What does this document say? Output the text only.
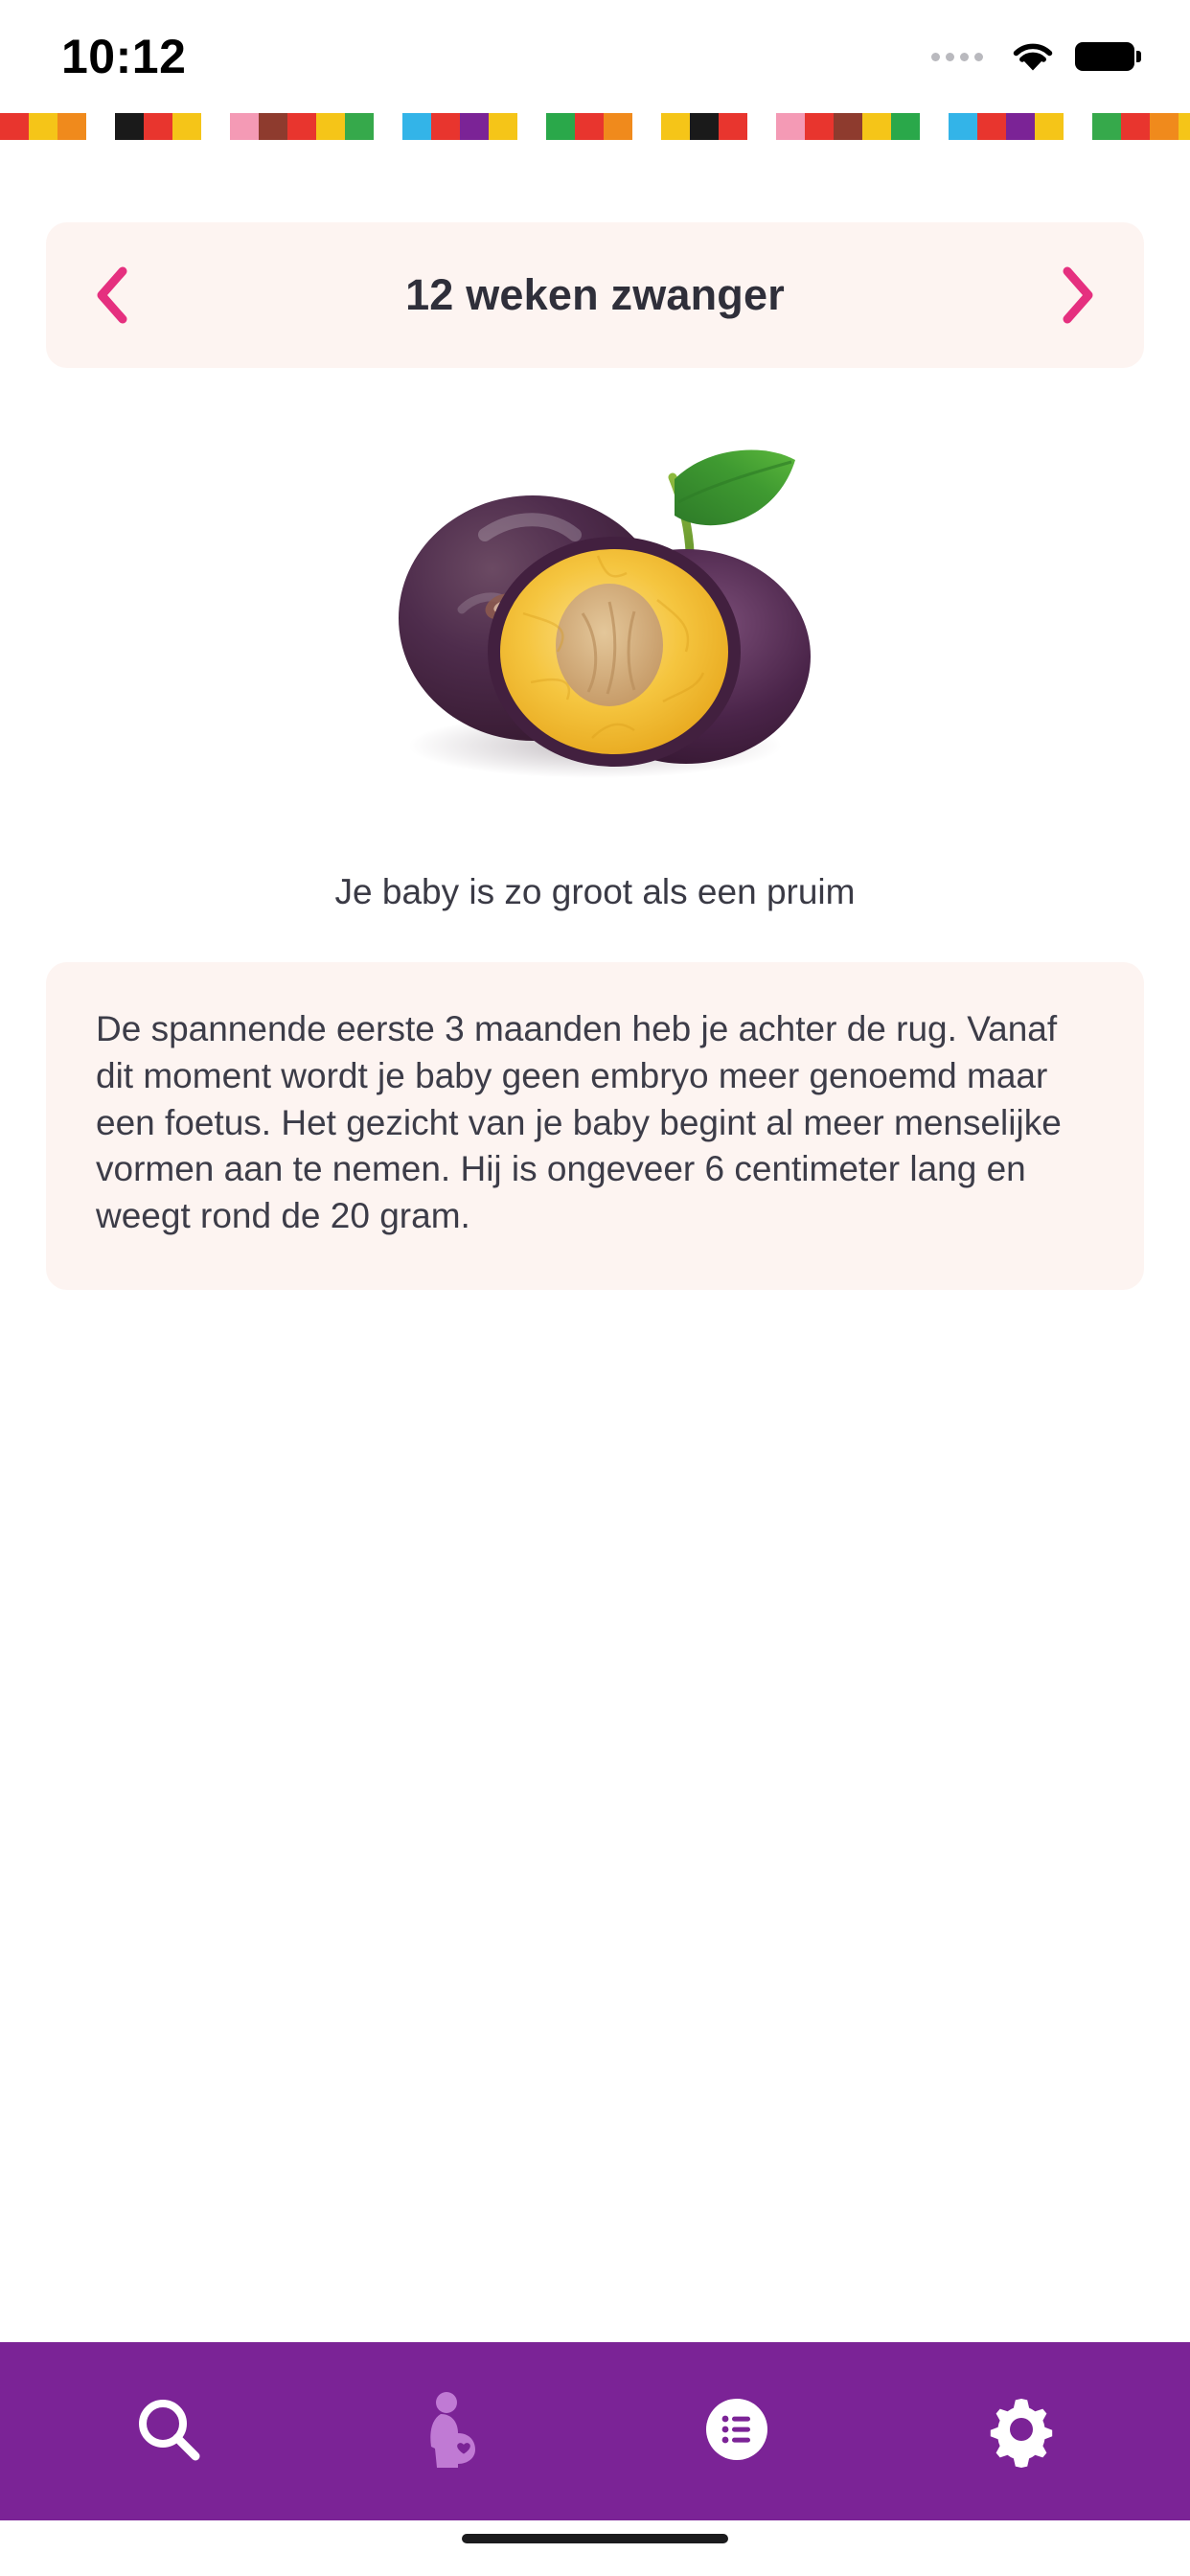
10:12
12 weken zwanger
Je baby is zo groot als een pruim
De spannende eerste 3 maanden heb je achter de rug. Vanaf dit moment wordt je baby geen embryo meer genoemd maar een foetus. Het gezicht van je baby begint al meer menselijke vormen aan te nemen. Hij is ongeveer 6 centimeter lang en weegt rond de 20 gram.
